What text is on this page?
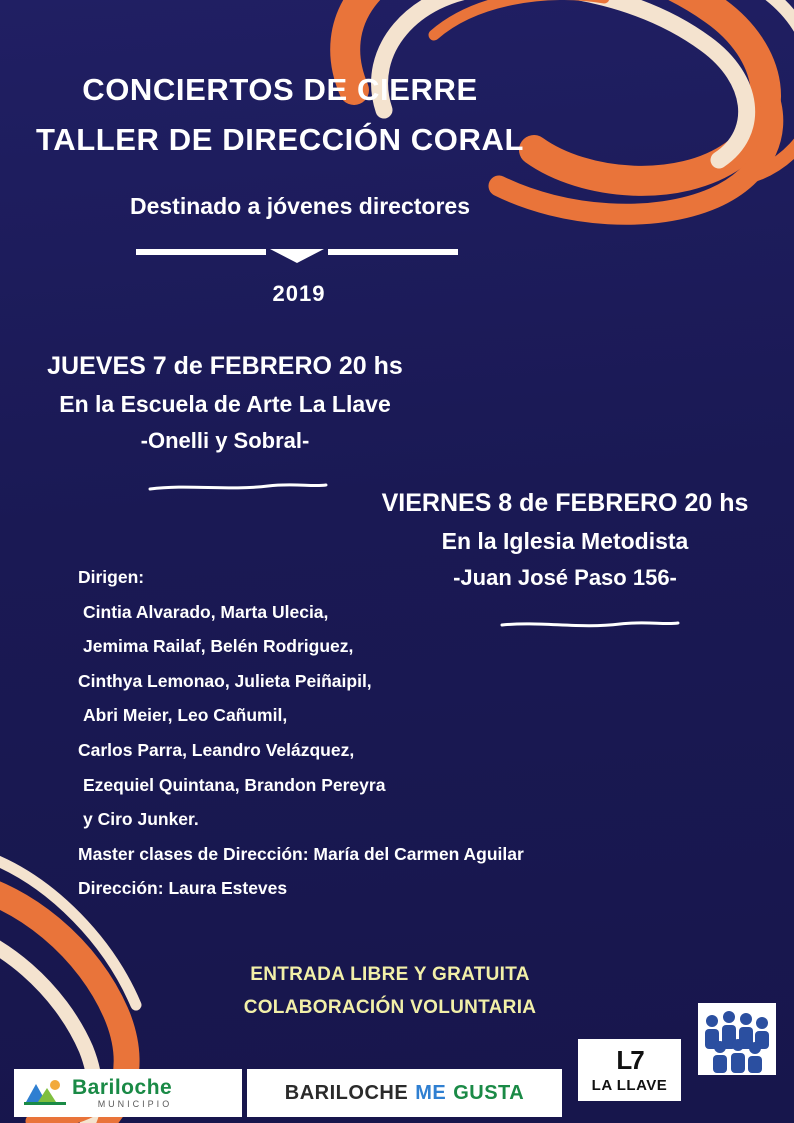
CONCIERTOS DE CIERRE
TALLER DE DIRECCIÓN CORAL
Destinado a jóvenes directores
2019
JUEVES 7 de FEBRERO 20 hs
En la Escuela de Arte La Llave
-Onelli y Sobral-
VIERNES 8 de FEBRERO 20 hs
En la Iglesia Metodista
-Juan José Paso 156-
Dirigen:
Cintia Alvarado, Marta Ulecia,
Jemima Railaf, Belén Rodriguez,
Cinthya Lemonao, Julieta Peiñaipil,
Abri Meier, Leo Cañumil,
Carlos Parra, Leandro Velázquez,
Ezequiel Quintana, Brandon Pereyra
y Ciro Junker.
Master clases de Dirección: María del Carmen Aguilar
Dirección: Laura Esteves
ENTRADA LIBRE Y GRATUITA
COLABORACIÓN VOLUNTARIA
Bariloche
MUNICIPIO
BARILOCHE ME GUSTA
L7
LA LLAVE
